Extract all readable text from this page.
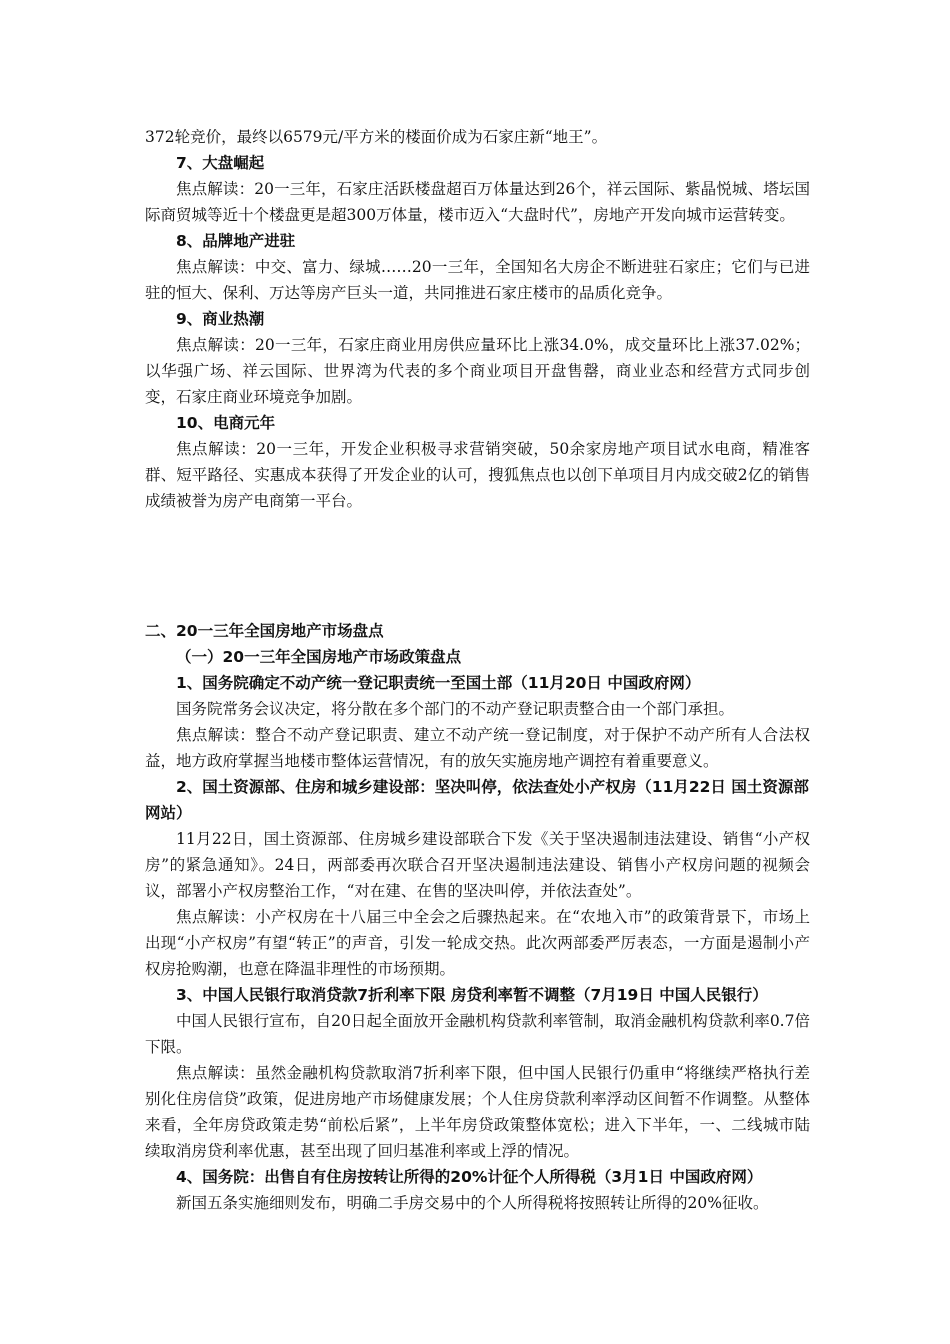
372轮竞价，最终以6579元/平方米的楼面价成为石家庄新“地王”。

7、大盘崛起

焦点解读：20一三年，石家庄活跃楼盘超百万体量达到26个，祥云国际、紫晶悦城、塔坛国际商贸城等近十个楼盘更是超300万体量，楼市迈入“大盘时代”，房地产开发向城市运营转变。

8、品牌地产进驻

焦点解读：中交、富力、绿城……20一三年，全国知名大房企不断进驻石家庄；它们与已进驻的恒大、保利、万达等房产巨头一道，共同推进石家庄楼市的品质化竞争。

9、商业热潮

焦点解读：20一三年，石家庄商业用房供应量环比上涨34.0%，成交量环比上涨37.02%；以华强广场、祥云国际、世界湾为代表的多个商业项目开盘售罄，商业业态和经营方式同步创变，石家庄商业环境竞争加剧。

10、电商元年

焦点解读：20一三年，开发企业积极寻求营销突破，50余家房地产项目试水电商，精准客群、短平路径、实惠成本获得了开发企业的认可，搜狐焦点也以创下单项目月内成交破2亿的销售成绩被誉为房产电商第一平台。

二、20一三年全国房地产市场盘点
（一）20一三年全国房地产市场政策盘点
1、国务院确定不动产统一登记职责统一至国土部（11月20日 中国政府网）

国务院常务会议决定，将分散在多个部门的不动产登记职责整合由一个部门承担。

焦点解读：整合不动产登记职责、建立不动产统一登记制度，对于保护不动产所有人合法权益，地方政府掌握当地楼市整体运营情况，有的放矢实施房地产调控有着重要意义。

2、国土资源部、住房和城乡建设部：坚决叫停，依法查处小产权房（11月22日 国土资源部网站）

11月22日，国土资源部、住房城乡建设部联合下发《关于坚决遏制违法建设、销售“小产权房”的紧急通知》。24日，两部委再次联合召开坚决遏制违法建设、销售小产权房问题的视频会议，部署小产权房整治工作，“对在建、在售的坚决叫停，并依法查处”。

焦点解读：小产权房在十八届三中全会之后骤热起来。在“农地入市”的政策背景下，市场上出现“小产权房”有望“转正”的声音，引发一轮成交热。此次两部委严厉表态，一方面是遏制小产权房抢购潮，也意在降温非理性的市场预期。

3、中国人民银行取消贷款7折利率下限 房贷利率暂不调整（7月19日 中国人民银行）

中国人民银行宣布，自20日起全面放开金融机构贷款利率管制，取消金融机构贷款利率0.7倍下限。

焦点解读：虽然金融机构贷款取消7折利率下限，但中国人民银行仍重申“将继续严格执行差别化住房信贷”政策，促进房地产市场健康发展；个人住房贷款利率浮动区间暂不作调整。从整体来看，全年房贷政策走势“前松后紧”，上半年房贷政策整体宽松；进入下半年，一、二线城市陆续取消房贷利率优惠，甚至出现了回归基准利率或上浮的情况。

4、国务院：出售自有住房按转让所得的20%计征个人所得税（3月1日 中国政府网）

新国五条实施细则发布，明确二手房交易中的个人所得税将按照转让所得的20%征收。
